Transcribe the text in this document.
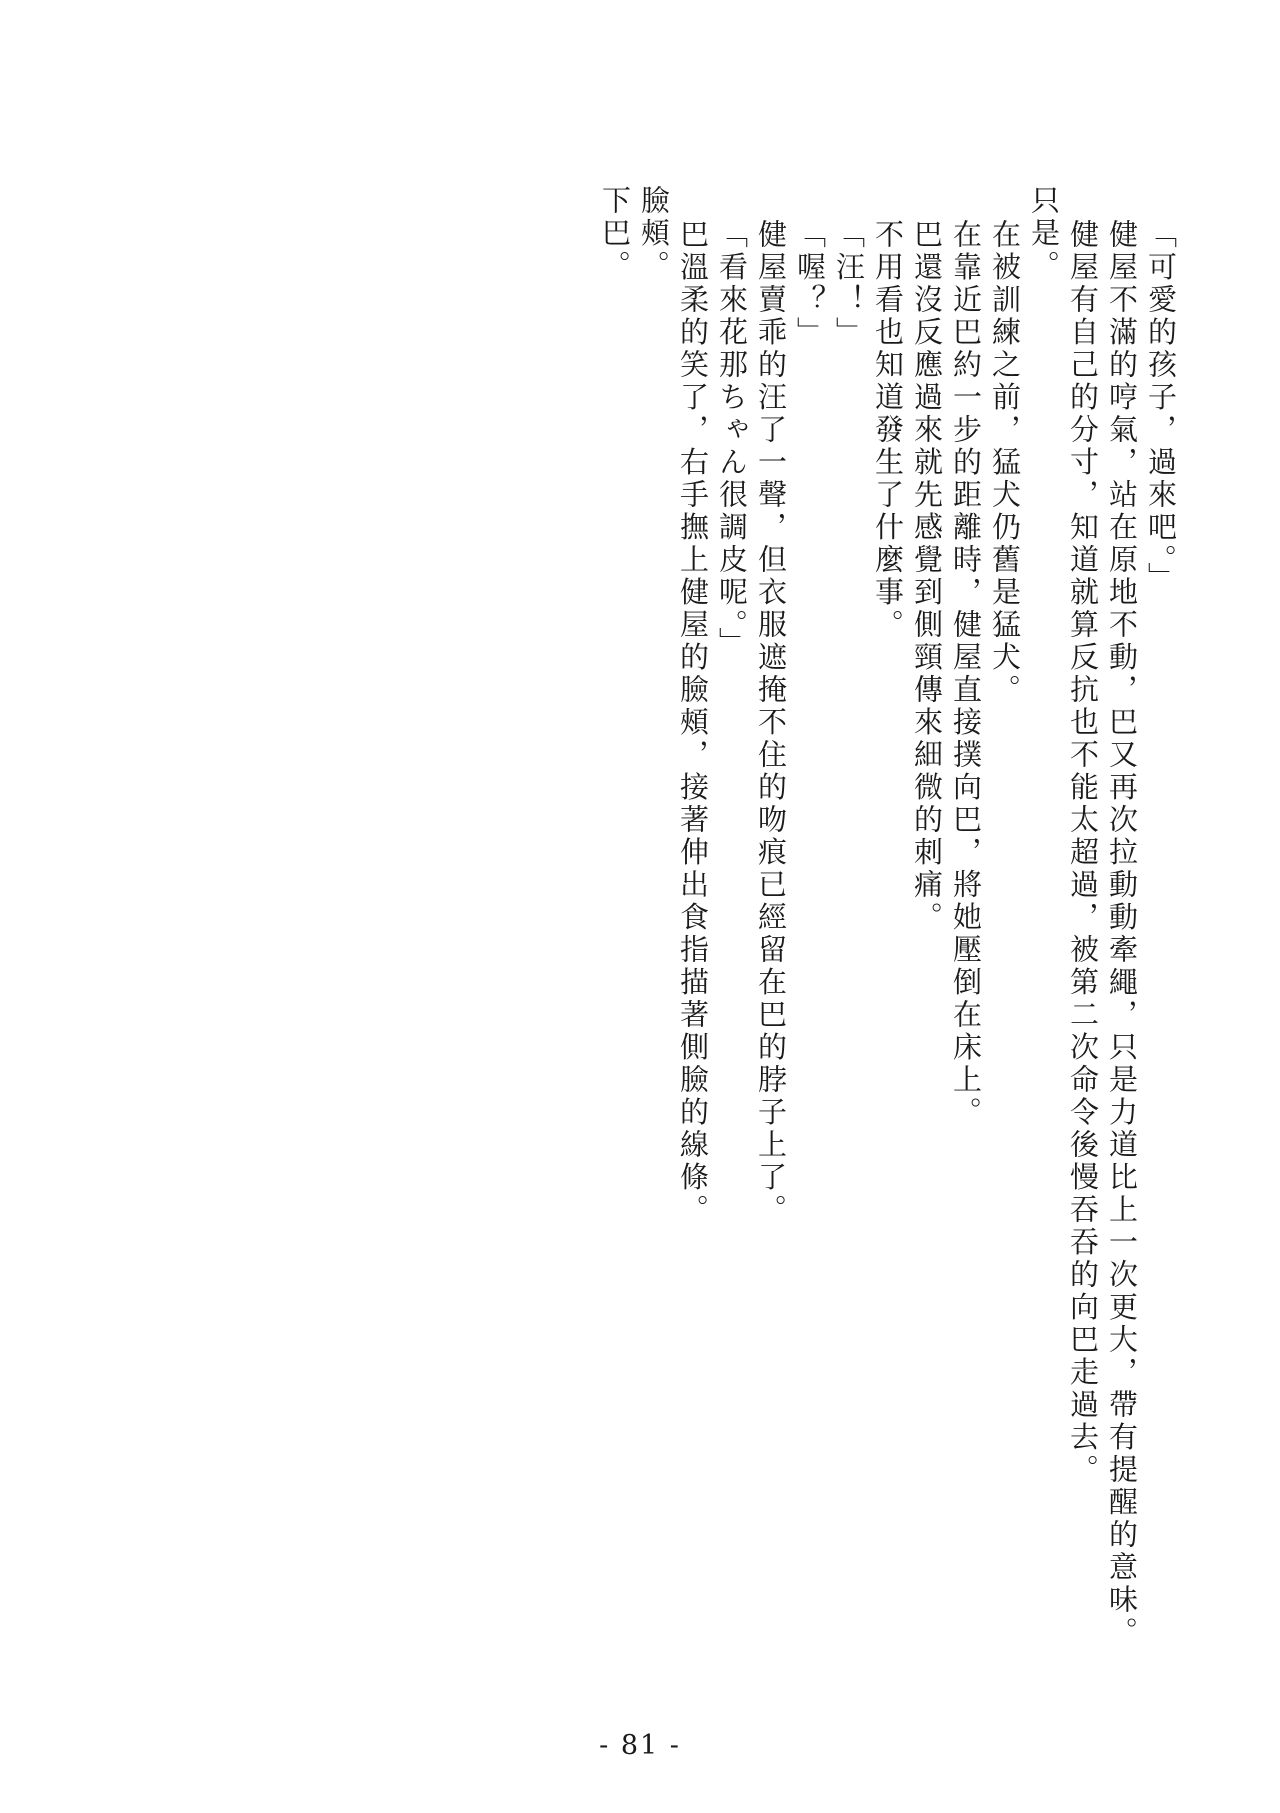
「可愛的孩子，過來吧。」
健屋不滿的哼氣，站在原地不動，巴又再次拉動動牽繩，只是力道比上一次更大，帶有提醒的意味。
健屋有自己的分寸，知道就算反抗也不能太超過，被第二次命令後慢吞吞的向巴走過去。
只是。
在被訓練之前，猛犬仍舊是猛犬。
在靠近巴約一步的距離時，健屋直接撲向巴，將她壓倒在床上。
巴還沒反應過來就先感覺到側頸傳來細微的刺痛。
不用看也知道發生了什麼事。
「汪！」
「喔？」
健屋賣乖的汪了一聲，但衣服遮掩不住的吻痕已經留在巴的脖子上了。
「看來花那ちゃん很調皮呢。」
巴溫柔的笑了，右手撫上健屋的臉頰，接著伸出食指描著側臉的線條。
臉頰。
下巴。
- 81 -
